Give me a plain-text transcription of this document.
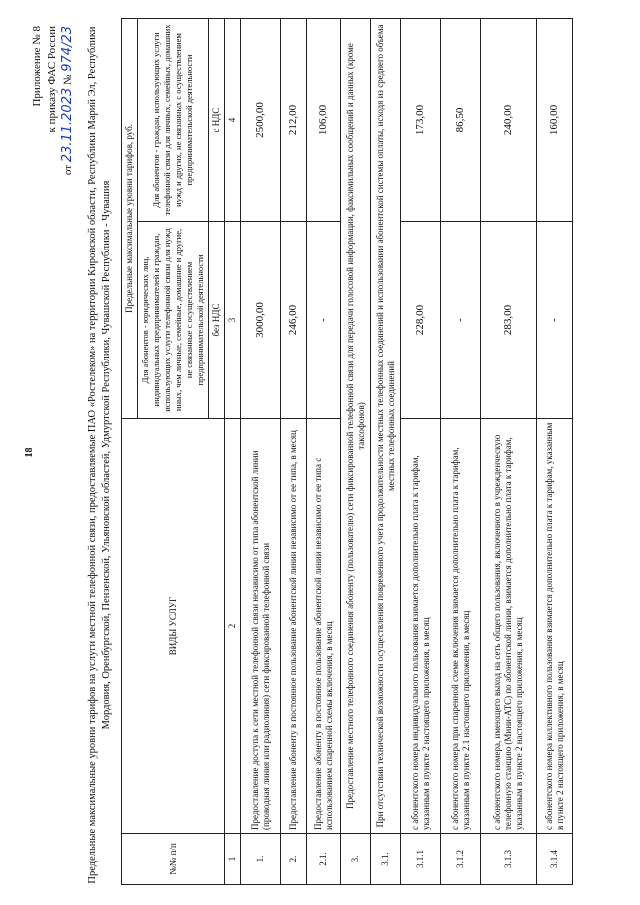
18
Приложение № 8 к приказу ФАС России
от 23.11.2023 № 974/23 Предельные максимальные уровни тарифов на услуги местной телефонной связи, предоставляемые ПАО «Ростелеком» на территории Кировской области, Республики Марий Эл, Республики Мордовия, Оренбургской, Пензенской, Ульяновской областей, Удмуртской Республики, Чувашской Республики - Чувашия
№№ п/п	ВИДЫ УСЛУГ	Предельные максимальные уровни тарифов, руб.	
		Для абонентов - юридических лиц, индивидуальных предпринимателей и граждан, использующих услуги телефонной связи для нужд иных, чем личные, семейные, домашние и другие, не связанные с осуществлением предпринимательской деятельности	Для абонентов - граждан, использующих услуги телефонной связи для личных, семейных, домашних нужд и других, не связанных с осуществлением предпринимательской деятельности
		без НДС	с НДС
1	2	3	4
1.	Предоставление доступа к сети местной телефонной связи независимо от типа абонентской линии (проводная линия или радиолиния) сети фиксированной телефонной связи	3000,00	2500,00
2.	Предоставление абоненту в постоянное пользование абонентской линии независимо от ее типа, в месяц	246,00	212,00
2.1.	Предоставление абоненту в постоянное пользование абонентской линии независимо от ее типа с использованием спаренной схемы включения, в месяц	-	106,00
3.	Предоставление местного телефонного соединения абоненту (пользователю) сети фиксированной телефонной связи для передачи голосовой информации, факсимильных сообщений и данных (кроме таксофонов)		
3.1.	При отсутствии технической возможности осуществления повременного учета продолжительности местных телефонных соединений и использовании абонентской системы оплаты, исходя из среднего объема местных телефонных соединений		
3.1.1	с абонентского номера индивидуального пользования взимается дополнительно плата к тарифам, указанным в пункте 2 настоящего приложения, в месяц	228,00	173,00
3.1.2	с абонентского номера при спаренной схеме включения взимается дополнительно плата к тарифам, указанным в пункте 2.1 настоящего приложения, в месяц	-	86,50
3.1.3	с абонентского номера, имеющего выход на сеть общего пользования, включенного в учрежденческую телефонную станцию (Мини-АТС) по абонентской линии, взимается дополнительно плата к тарифам, указанным в пункте 2 настоящего приложения, в месяц	283,00	240,00
3.1.4	с абонентского номера коллективного пользования взимается дополнительно плата к тарифам, указанным в пункте 2 настоящего приложения, в месяц	-	160,00
